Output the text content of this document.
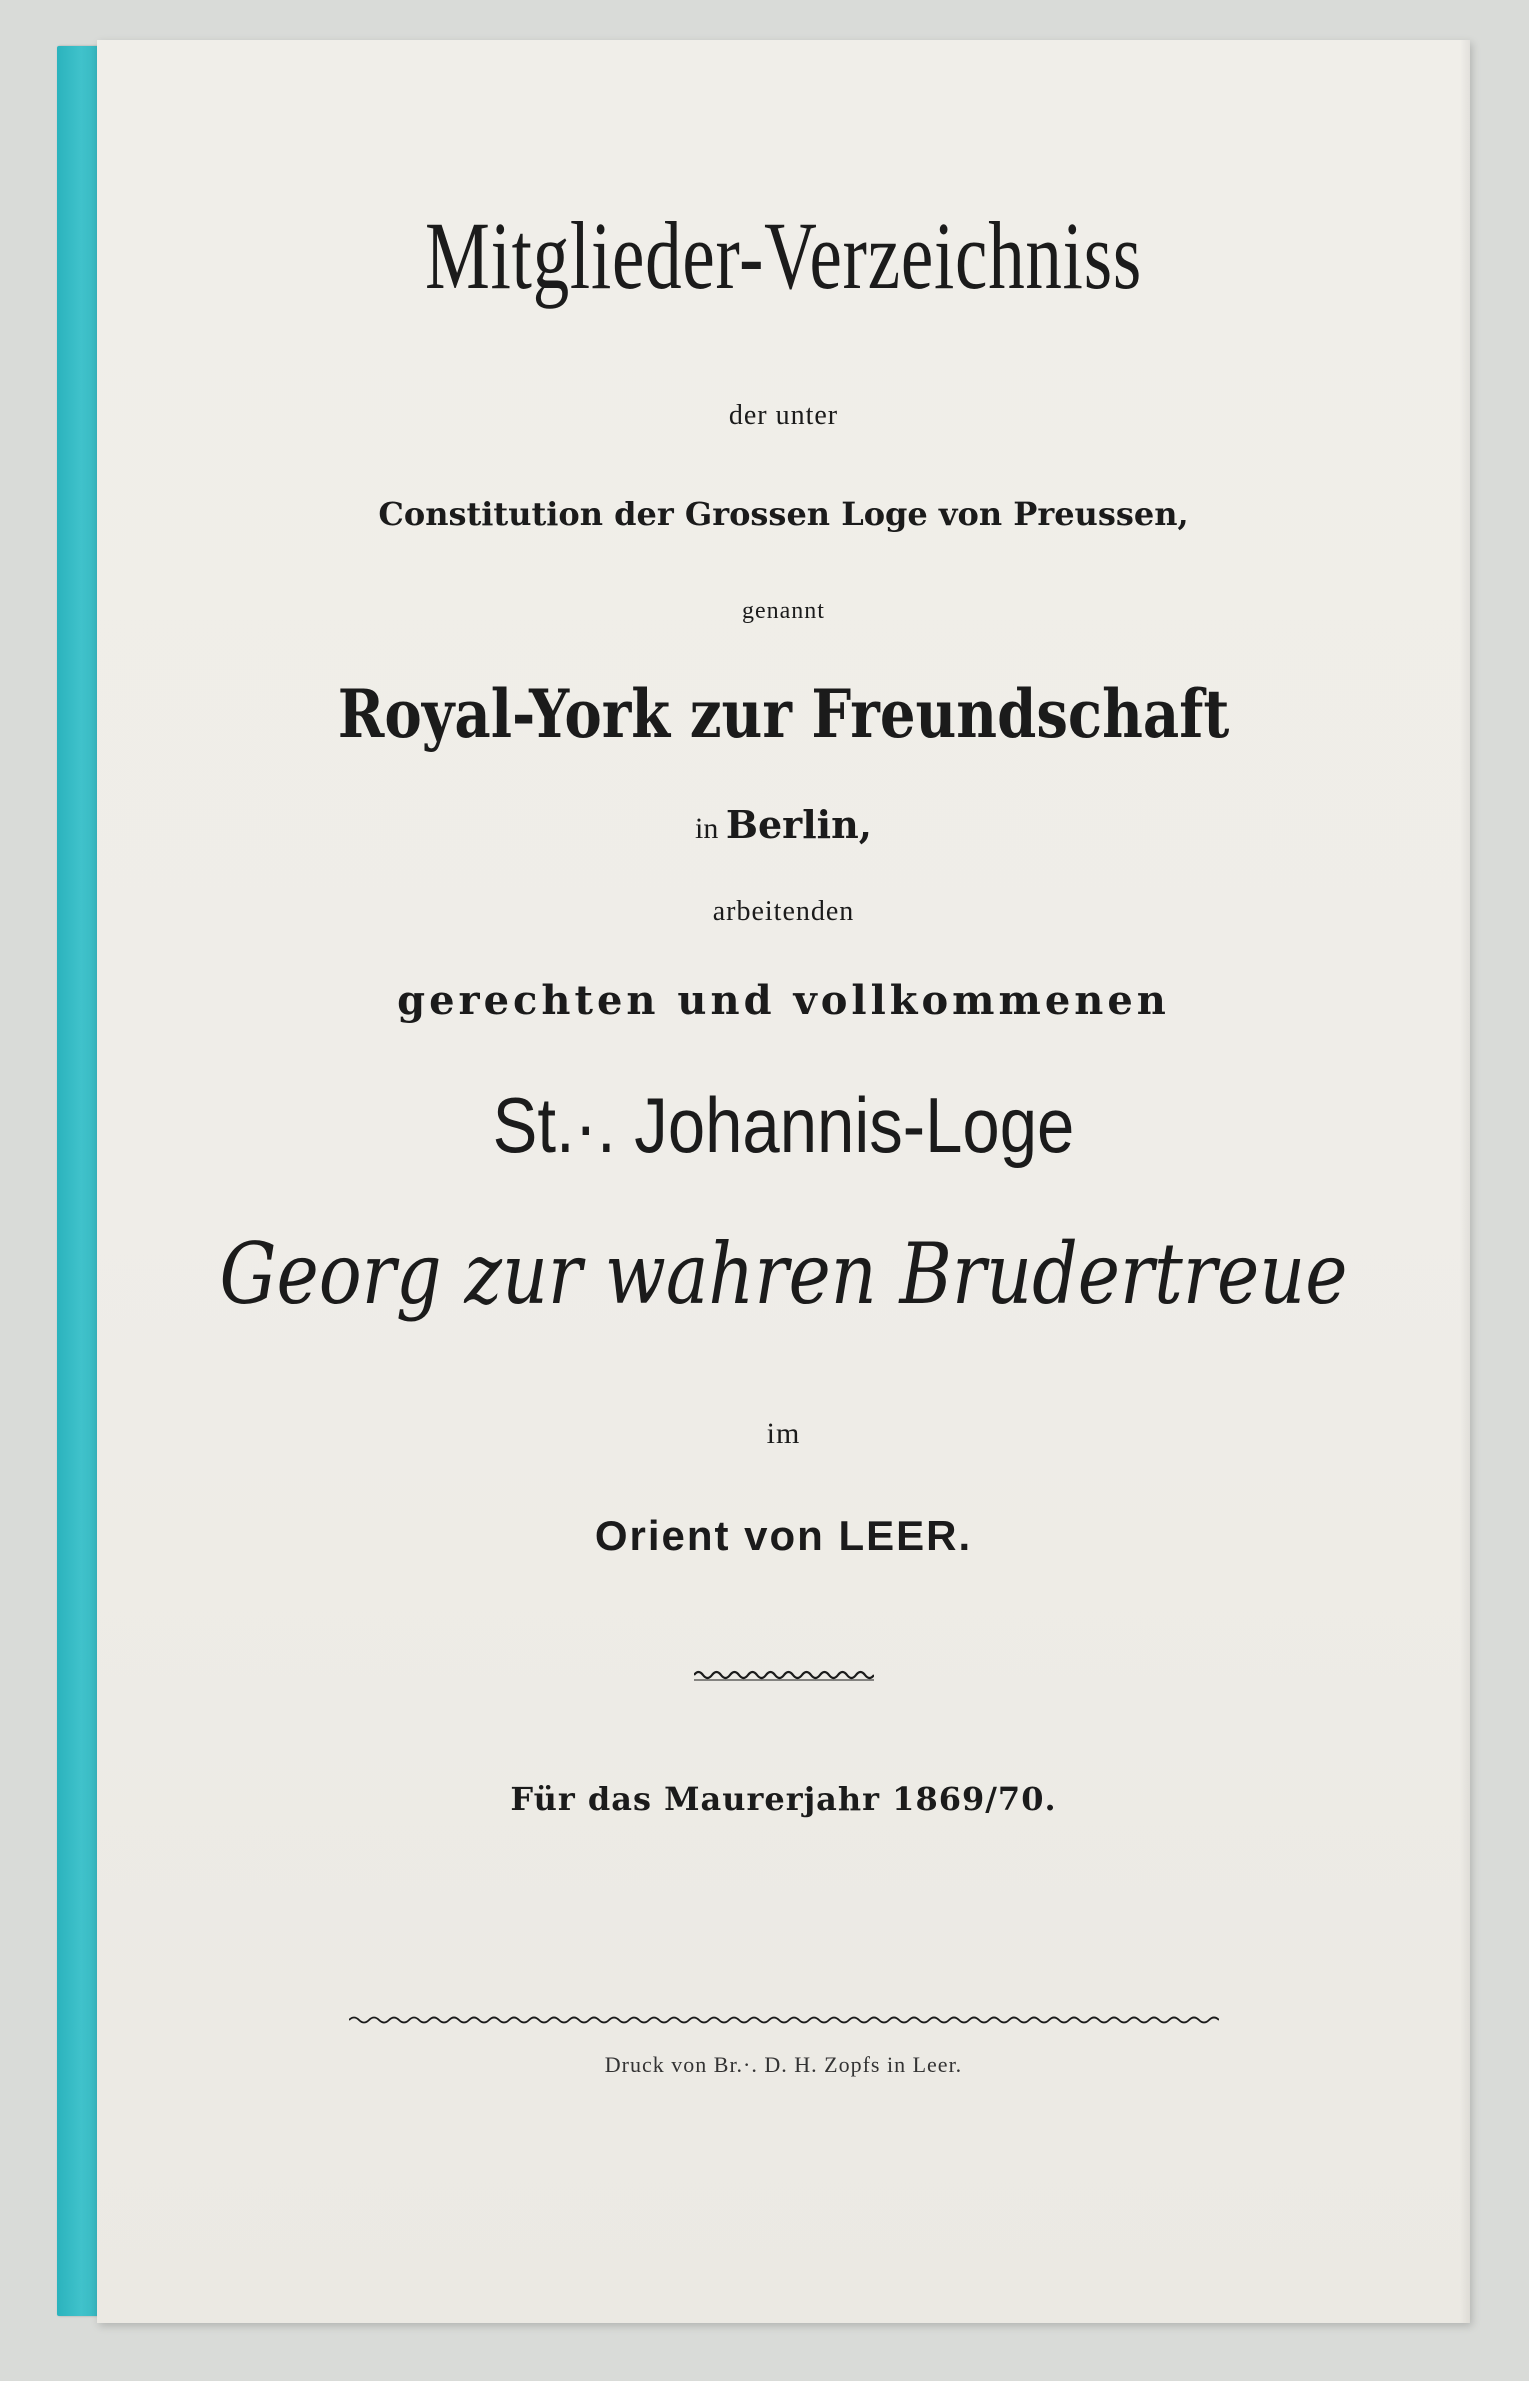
Mitglieder-Verzeichniss
der unter
Constitution der Grossen Loge von Preussen,
genannt
Royal-York zur Freundschaft
in Berlin,
arbeitenden
gerechten und vollkommenen
St.·. Johannis-Loge
Georg zur wahren Brudertreue
im
Orient von LEER.
Für das Maurerjahr 1869/70.
Druck von Br.·. D. H. Zopfs in Leer.
